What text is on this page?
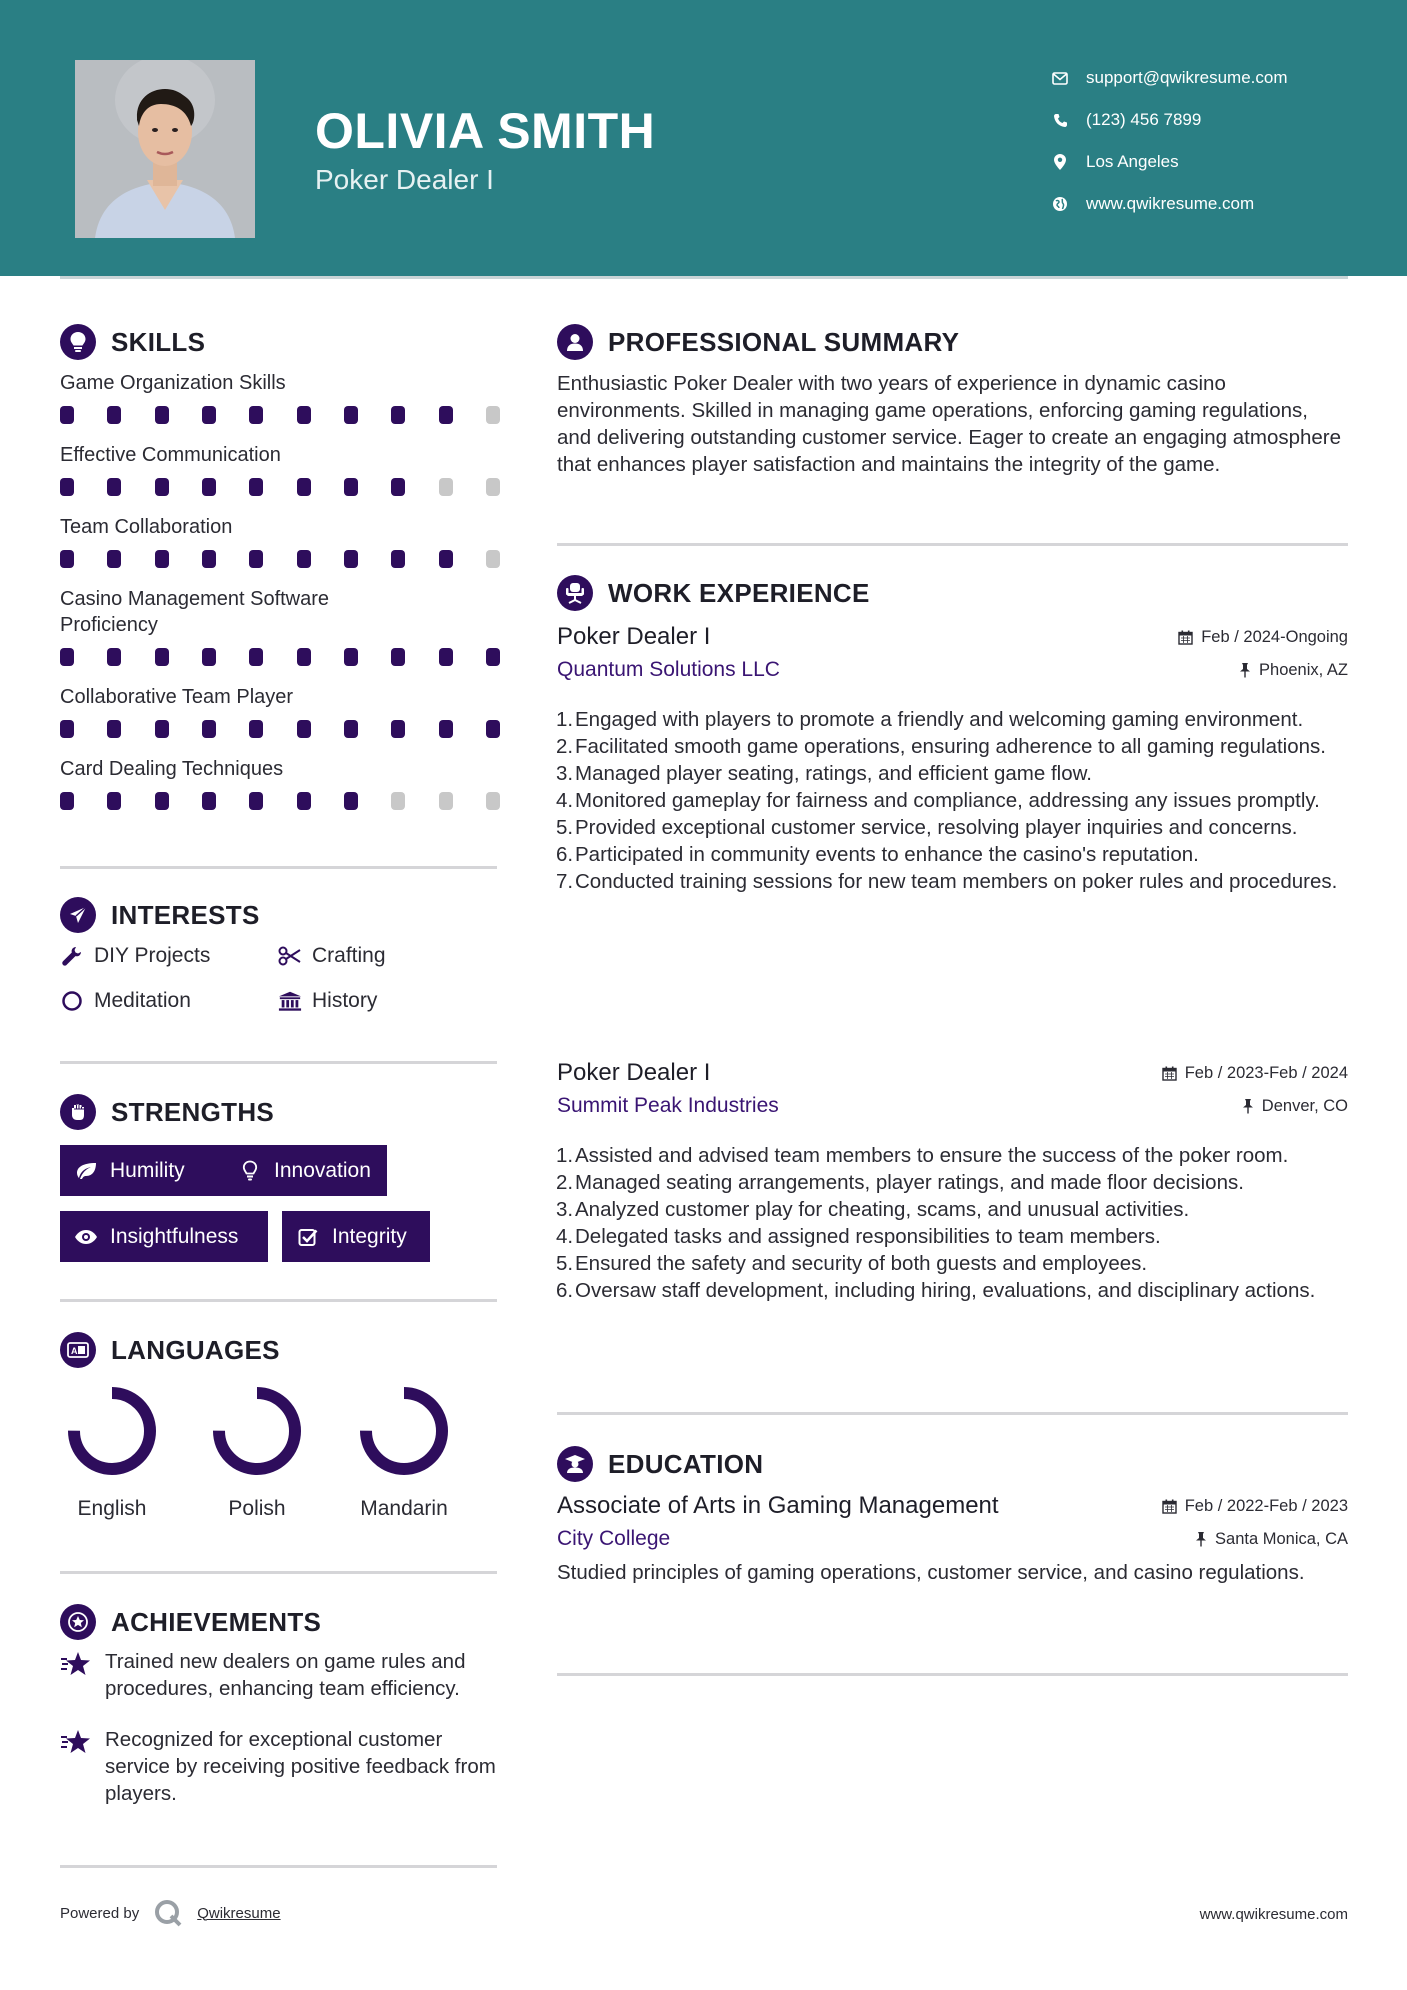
OLIVIA SMITH
Poker Dealer I
support@qwikresume.com
(123) 456 7899
Los Angeles
www.qwikresume.com
SKILLS
Game Organization Skills
Effective Communication
Team Collaboration
Casino Management Software Proficiency
Collaborative Team Player
Card Dealing Techniques
INTERESTS
DIY Projects	Crafting
Meditation	History
STRENGTHS
Humility	Innovation
Insightfulness	Integrity
A LANGUAGES
English	Polish	Mandarin
ACHIEVEMENTS
Trained new dealers on game rules and procedures, enhancing team efficiency.
Recognized for exceptional customer service by receiving positive feedback from players.
PROFESSIONAL SUMMARY
Enthusiastic Poker Dealer with two years of experience in dynamic casino environments. Skilled in managing game operations, enforcing gaming regulations, and delivering outstanding customer service. Eager to create an engaging atmosphere that enhances player satisfaction and maintains the integrity of the game.
WORK EXPERIENCE
Poker Dealer I	Feb / 2024-Ongoing
Quantum Solutions LLC	Phoenix, AZ
Engaged with players to promote a friendly and welcoming gaming environment.
Facilitated smooth game operations, ensuring adherence to all gaming regulations.
Managed player seating, ratings, and efficient game flow.
Monitored gameplay for fairness and compliance, addressing any issues promptly.
Provided exceptional customer service, resolving player inquiries and concerns.
Participated in community events to enhance the casino's reputation.
Conducted training sessions for new team members on poker rules and procedures.
Poker Dealer I	Feb / 2023-Feb / 2024
Summit Peak Industries	Denver, CO
Assisted and advised team members to ensure the success of the poker room.
Managed seating arrangements, player ratings, and made floor decisions.
Analyzed customer play for cheating, scams, and unusual activities.
Delegated tasks and assigned responsibilities to team members.
Ensured the safety and security of both guests and employees.
Oversaw staff development, including hiring, evaluations, and disciplinary actions.
EDUCATION
Associate of Arts in Gaming Management	Feb / 2022-Feb / 2023
City College	Santa Monica, CA
Studied principles of gaming operations, customer service, and casino regulations.
Powered by	Qwikresume	www.qwikresume.com
